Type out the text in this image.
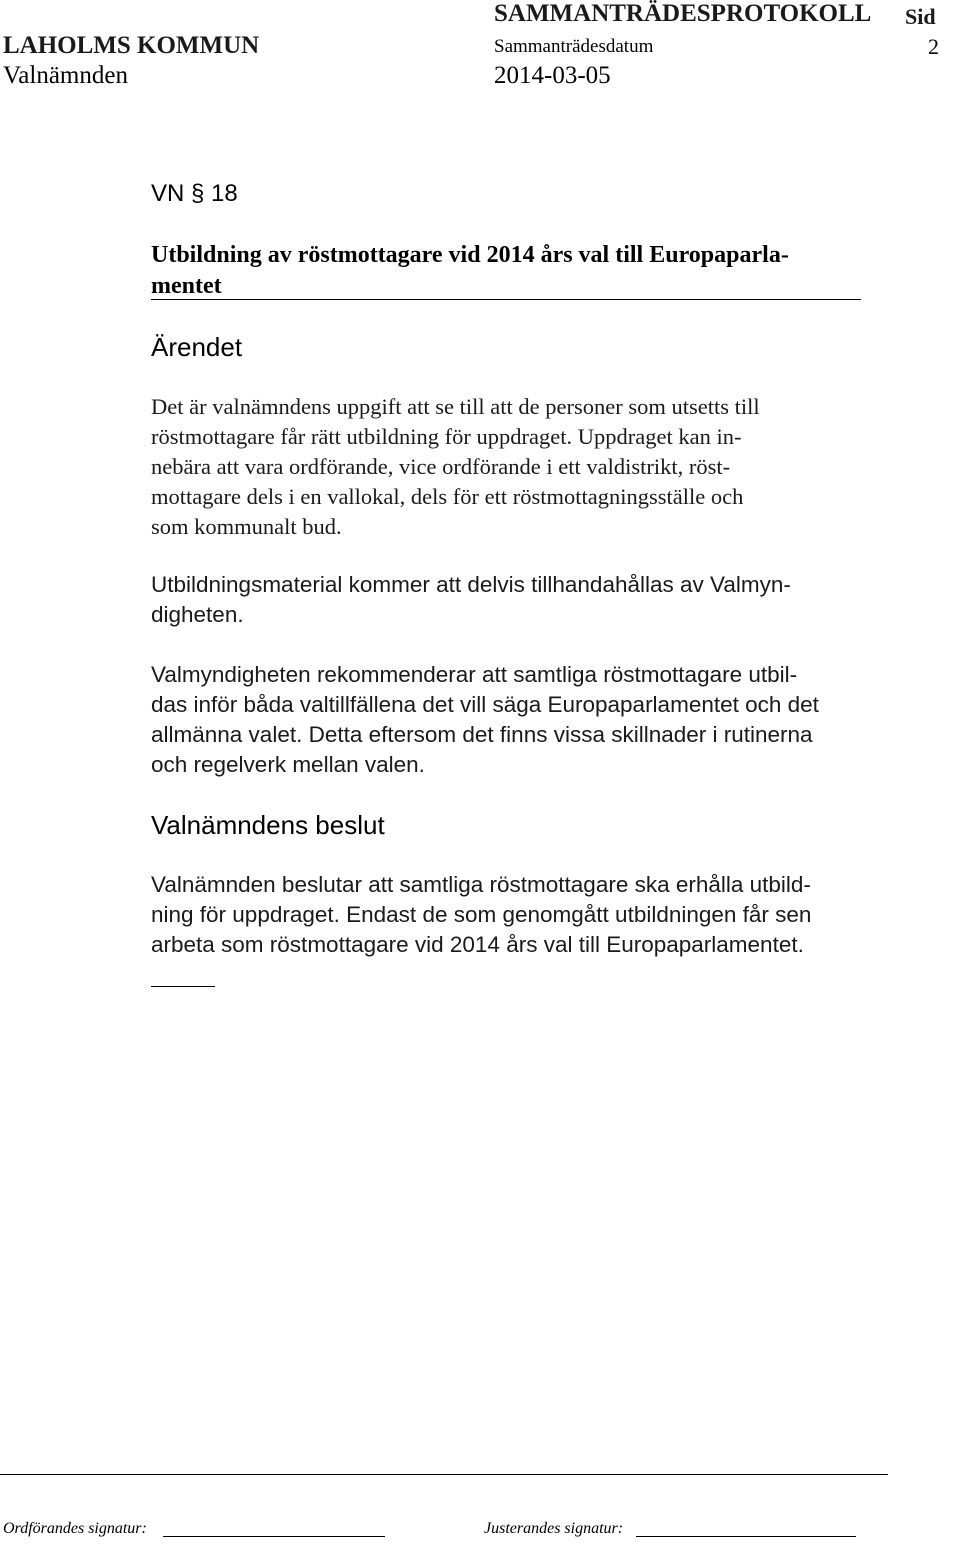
SAMMANTRÄDESPROTOKOLL Sid
LAHOLMS KOMMUN	Sammanträdesdatum	2
Valnämnden	2014-03-05
VN § 18
Utbildning av röstmottagare vid 2014 års val till Europaparla-
mentet
Ärendet
Det är valnämndens uppgift att se till att de personer som utsetts till
röstmottagare får rätt utbildning för uppdraget. Uppdraget kan in-
nebära att vara ordförande, vice ordförande i ett valdistrikt, röst-
mottagare dels i en vallokal, dels för ett röstmottagningsställe och
som kommunalt bud.
Utbildningsmaterial kommer att delvis tillhandahållas av Valmyn-
digheten.
Valmyndigheten rekommenderar att samtliga röstmottagare utbil-
das inför båda valtillfällena det vill säga Europaparlamentet och det
allmänna valet. Detta eftersom det finns vissa skillnader i rutinerna
och regelverk mellan valen.
Valnämndens beslut
Valnämnden beslutar att samtliga röstmottagare ska erhålla utbild-
ning för uppdraget. Endast de som genomgått utbildningen får sen
arbeta som röstmottagare vid 2014 års val till Europaparlamentet.
Ordförandes signatur:	Justerandes signatur:
